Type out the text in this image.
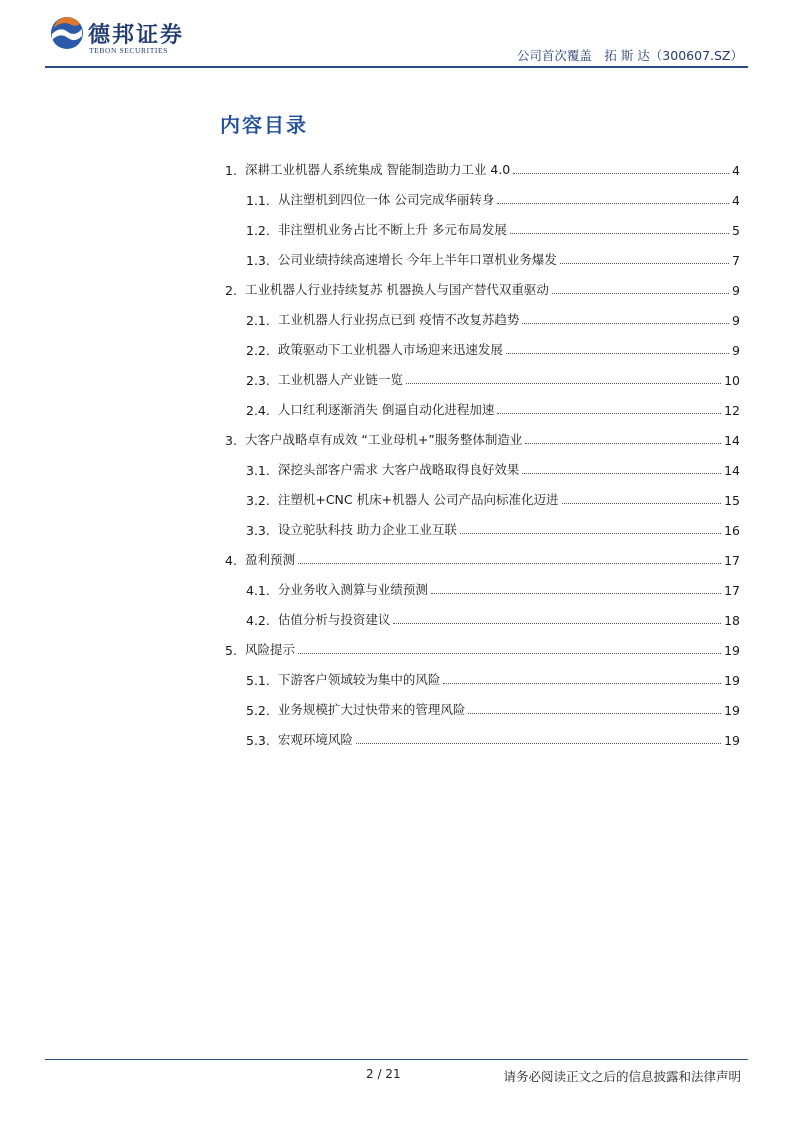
德邦证券
TEBON SECURITIES	公司首次覆盖　拓 斯 达（300607.SZ）
内容目录
1. 深耕工业机器人系统集成 智能制造助力工业 4.0	4
1.1. 从注塑机到四位一体 公司完成华丽转身	4
1.2. 非注塑机业务占比不断上升 多元布局发展	5
1.3. 公司业绩持续高速增长 今年上半年口罩机业务爆发	7
2. 工业机器人行业持续复苏 机器换人与国产替代双重驱动	9
2.1. 工业机器人行业拐点已到 疫情不改复苏趋势	9
2.2. 政策驱动下工业机器人市场迎来迅速发展	9
2.3. 工业机器人产业链一览	10
2.4. 人口红利逐渐消失 倒逼自动化进程加速	12
3. 大客户战略卓有成效 “工业母机+”服务整体制造业	14
3.1. 深挖头部客户需求 大客户战略取得良好效果	14
3.2. 注塑机+CNC 机床+机器人 公司产品向标准化迈进	15
3.3. 设立驼驮科技 助力企业工业互联	16
4. 盈利预测	17
4.1. 分业务收入测算与业绩预测	17
4.2. 估值分析与投资建议	18
5. 风险提示	19
5.1. 下游客户领域较为集中的风险	19
5.2. 业务规模扩大过快带来的管理风险	19
5.3. 宏观环境风险	19
2 / 21	请务必阅读正文之后的信息披露和法律声明
